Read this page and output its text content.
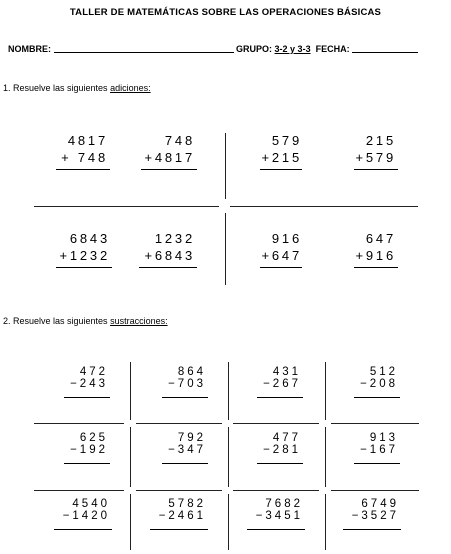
TALLER DE MATEMÁTICAS SOBRE LAS OPERACIONES BÁSICAS
NOMBRE:	GRUPO: 3-2 y 3-3 FECHA:
1. Resuelve las siguientes adiciones:
2. Resuelve las siguientes sustracciones:
4817
+ 748
748
+4817
579
+215
215
+579
6843
+1232
1232
+6843
916
+647
647
+916
472
−243
864
−703
431
−267
512
−208
625
−192
792
−347
477
−281
913
−167
4540
−1420
5782
−2461
7682
−3451
6749
−3527
